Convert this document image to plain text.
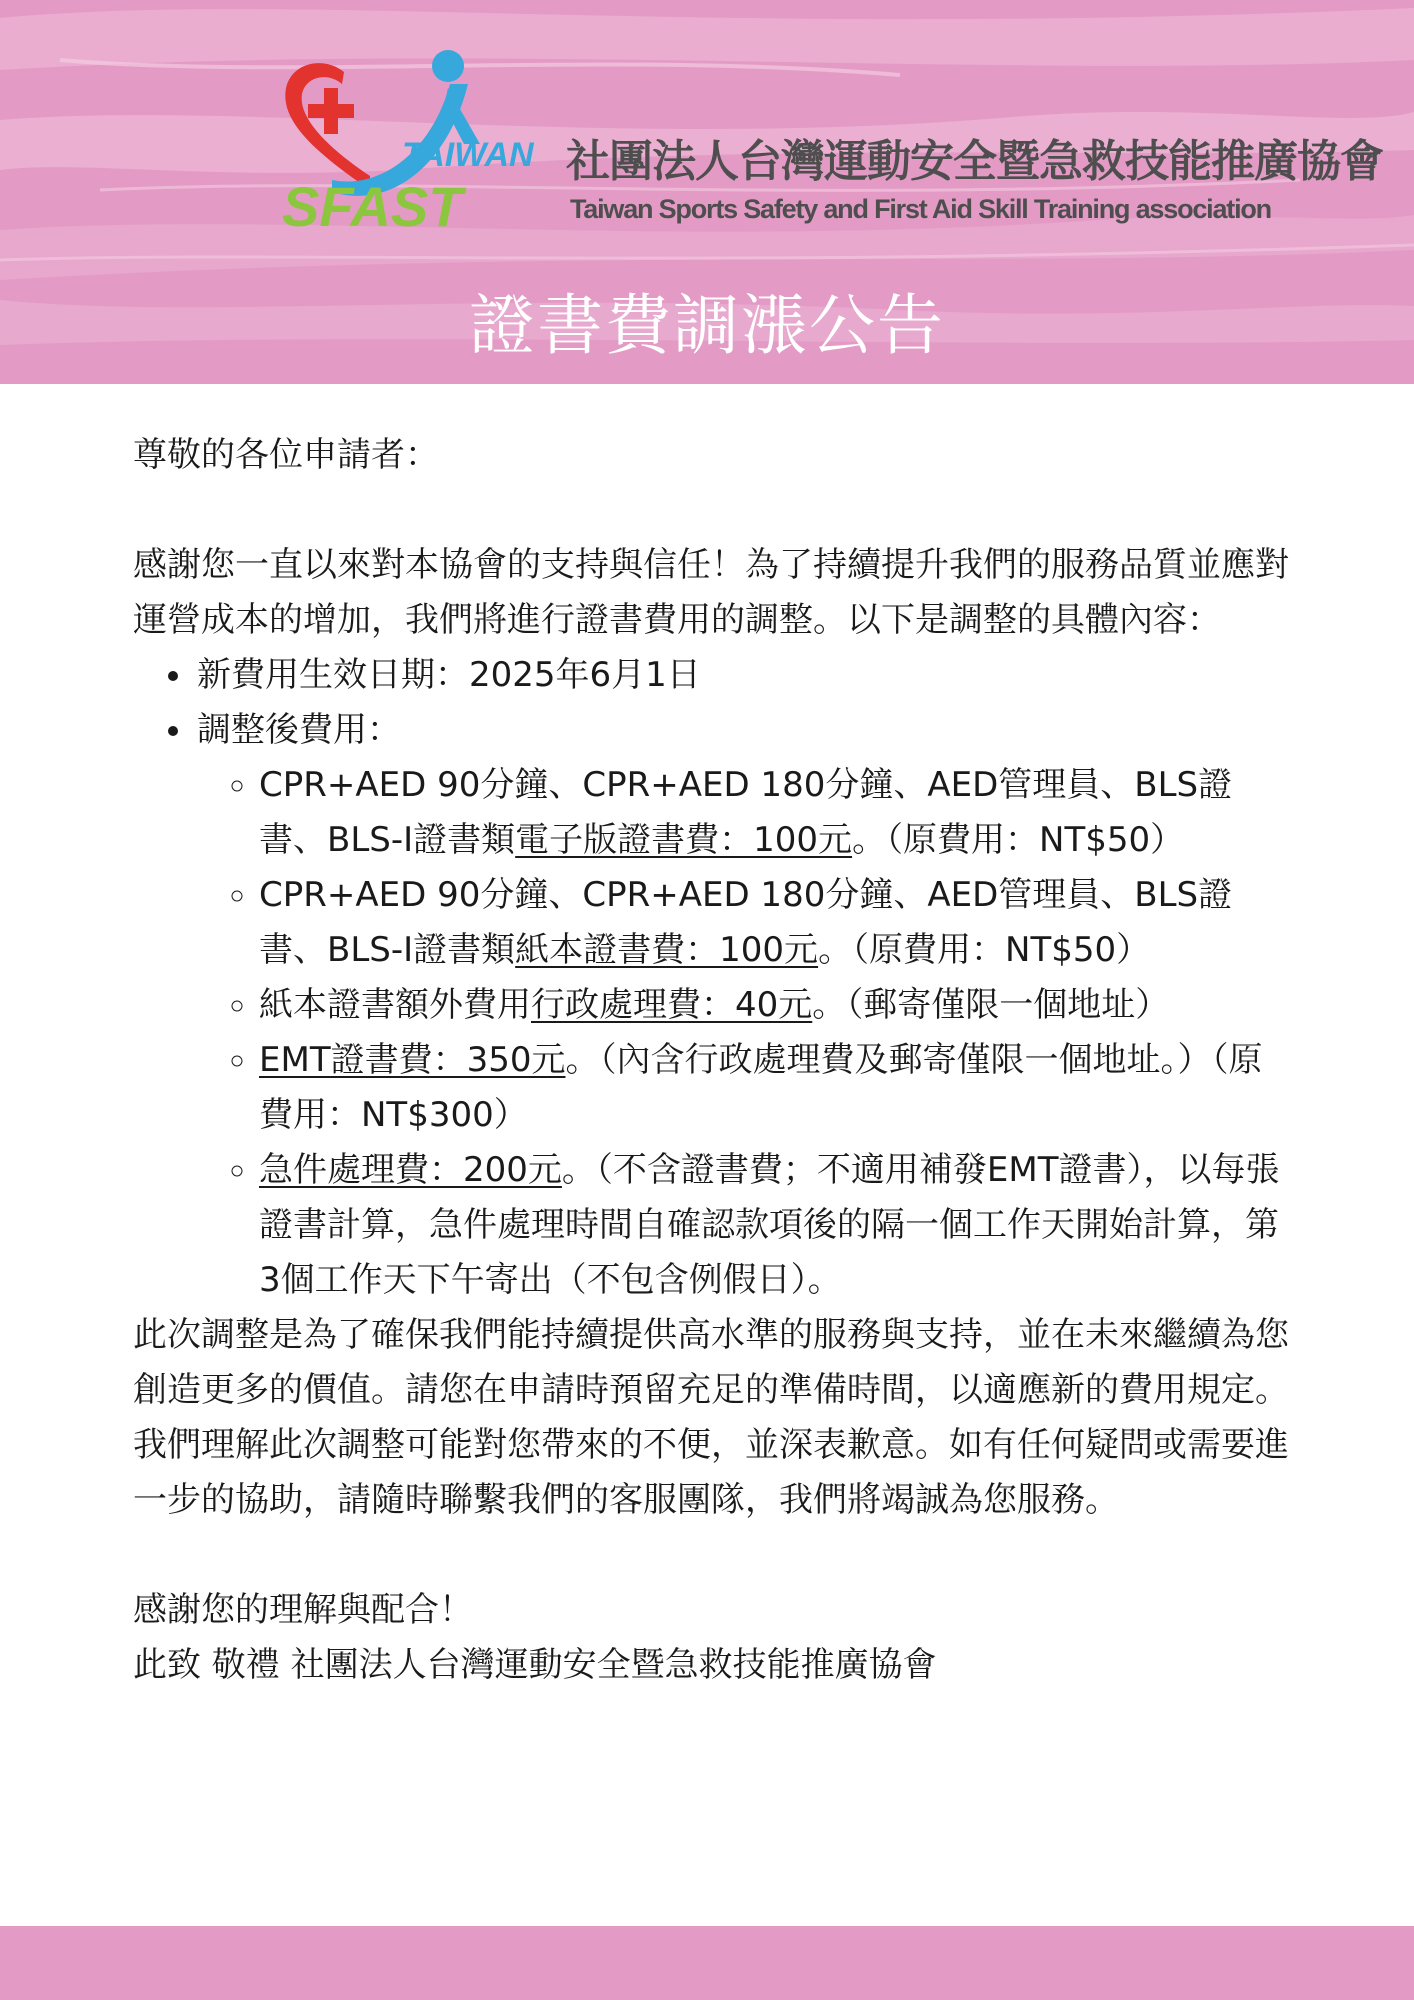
TAIWAN
SFAST
社團法人台灣運動安全暨急救技能推廣協會
Taiwan Sports Safety and First Aid Skill Training association
證書費調漲公告

尊敬的各位申請者：

感謝您一直以來對本協會的支持與信任！為了持續提升我們的服務品質並應對運營成本的增加，我們將進行證書費用的調整。以下是調整的具體內容：

• 新費用生效日期：2025年6月1日
• 調整後費用：
◦ CPR+AED 90分鐘、CPR+AED 180分鐘、AED管理員、BLS證書、BLS-I證書類電子版證書費：100元。（原費用：NT$50）
◦ CPR+AED 90分鐘、CPR+AED 180分鐘、AED管理員、BLS證書、BLS-I證書類紙本證書費：100元。（原費用：NT$50）
◦ 紙本證書額外費用行政處理費：40元。（郵寄僅限一個地址）
◦ EMT證書費：350元。（內含行政處理費及郵寄僅限一個地址。）（原費用：NT$300）
◦ 急件處理費：200元。（不含證書費；不適用補發EMT證書），以每張證書計算，急件處理時間自確認款項後的隔一個工作天開始計算，第3個工作天下午寄出（不包含例假日）。

此次調整是為了確保我們能持續提供高水準的服務與支持，並在未來繼續為您創造更多的價值。請您在申請時預留充足的準備時間，以適應新的費用規定。

我們理解此次調整可能對您帶來的不便，並深表歉意。如有任何疑問或需要進一步的協助，請隨時聯繫我們的客服團隊，我們將竭誠為您服務。

感謝您的理解與配合！

此致 敬禮 社團法人台灣運動安全暨急救技能推廣協會
